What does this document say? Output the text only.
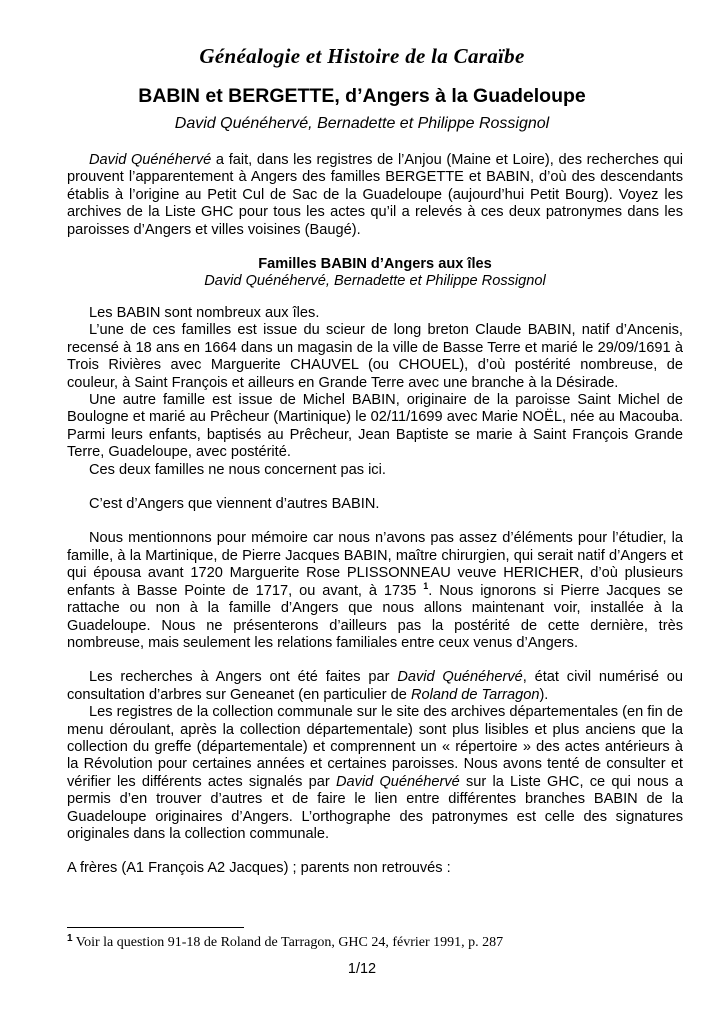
Généalogie et Histoire de la Caraïbe
BABIN et BERGETTE, d’Angers à la Guadeloupe
David Quénéhervé, Bernadette et Philippe Rossignol

David Quénéhervé a fait, dans les registres de l’Anjou (Maine et Loire), des recherches qui prouvent l’apparentement à Angers des familles BERGETTE et BABIN, d’où des descendants établis à l’origine au Petit Cul de Sac de la Guadeloupe (aujourd’hui Petit Bourg). Voyez les archives de la Liste GHC pour tous les actes qu’il a relevés à ces deux patronymes dans les paroisses d’Angers et villes voisines (Baugé).

Familles BABIN d’Angers aux îles

David Quénéhervé, Bernadette et Philippe Rossignol

Les BABIN sont nombreux aux îles.

L’une de ces familles est issue du scieur de long breton Claude BABIN, natif d’Ancenis, recensé à 18 ans en 1664 dans un magasin de la ville de Basse Terre et marié le 29/09/1691 à Trois Rivières avec Marguerite CHAUVEL (ou CHOUEL), d’où postérité nombreuse, de couleur, à Saint François et ailleurs en Grande Terre avec une branche à la Désirade.

Une autre famille est issue de Michel BABIN, originaire de la paroisse Saint Michel de Boulogne et marié au Prêcheur (Martinique) le 02/11/1699 avec Marie NOËL, née au Macouba. Parmi leurs enfants, baptisés au Prêcheur, Jean Baptiste se marie à Saint François Grande Terre, Guadeloupe, avec postérité.

Ces deux familles ne nous concernent pas ici.

C’est d’Angers que viennent d’autres BABIN.

Nous mentionnons pour mémoire car nous n’avons pas assez d’éléments pour l’étudier, la famille, à la Martinique, de Pierre Jacques BABIN, maître chirurgien, qui serait natif d’Angers et qui épousa avant 1720 Marguerite Rose PLISSONNEAU veuve HERICHER, d’où plusieurs enfants à Basse Pointe de 1717, ou avant, à 1735 $^1$. Nous ignorons si Pierre Jacques se rattache ou non à la famille d’Angers que nous allons maintenant voir, installée à la Guadeloupe. Nous ne présenterons d’ailleurs pas la postérité de cette dernière, très nombreuse, mais seulement les relations familiales entre ceux venus d’Angers.

Les recherches à Angers ont été faites par David Quénéhervé, état civil numérisé ou consultation d’arbres sur Geneanet (en particulier de Roland de Tarragon).

Les registres de la collection communale sur le site des archives départementales (en fin de menu déroulant, après la collection départementale) sont plus lisibles et plus anciens que la collection du greffe (départementale) et comprennent un « répertoire » des actes antérieurs à la Révolution pour certaines années et certaines paroisses. Nous avons tenté de consulter et vérifier les différents actes signalés par David Quénéhervé sur la Liste GHC, ce qui nous a permis d’en trouver d’autres et de faire le lien entre différentes branches BABIN de la Guadeloupe originaires d’Angers. L’orthographe des patronymes est celle des signatures originales dans la collection communale.

A frères (A1 François A2 Jacques) ; parents non retrouvés :

$^1$ Voir la question 91-18 de Roland de Tarragon, GHC 24, février 1991, p. 287
1/12
